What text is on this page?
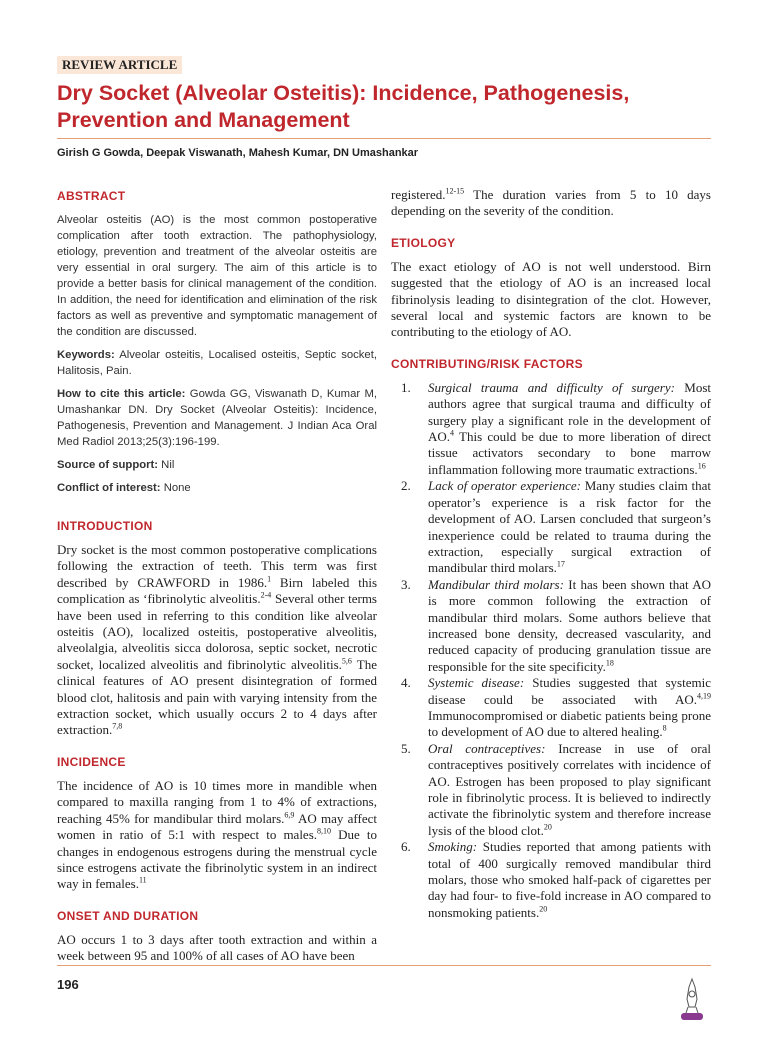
REVIEW ARTICLE
Dry Socket (Alveolar Osteitis): Incidence, Pathogenesis, Prevention and Management
Girish G Gowda, Deepak Viswanath, Mahesh Kumar, DN Umashankar
ABSTRACT

Alveolar osteitis (AO) is the most common postoperative complication after tooth extraction. The pathophysiology, etiology, prevention and treatment of the alveolar osteitis are very essential in oral surgery. The aim of this article is to provide a better basis for clinical management of the condition. In addition, the need for identification and elimination of the risk factors as well as preventive and symptomatic management of the condition are discussed.

Keywords: Alveolar osteitis, Localised osteitis, Septic socket, Halitosis, Pain.

How to cite this article: Gowda GG, Viswanath D, Kumar M, Umashankar DN. Dry Socket (Alveolar Osteitis): Incidence, Pathogenesis, Prevention and Management. J Indian Aca Oral Med Radiol 2013;25(3):196-199.

Source of support: Nil

Conflict of interest: None

INTRODUCTION

Dry socket is the most common postoperative complications following the extraction of teeth. This term was first described by CRAWFORD in 1986.$^1$ Birn labeled this complication as ‘fibrinolytic alveolitis.$^{2-4}$ Several other terms have been used in referring to this condition like alveolar osteitis (AO), localized osteitis, postoperative alveolitis, alveolalgia, alveolitis sicca dolorosa, septic socket, necrotic socket, localized alveolitis and fibrinolytic alveolitis.$^{5,6}$ The clinical features of AO present disintegration of formed blood clot, halitosis and pain with varying intensity from the extraction socket, which usually occurs 2 to 4 days after extraction.$^{7,8}$

INCIDENCE

The incidence of AO is 10 times more in mandible when compared to maxilla ranging from 1 to 4% of extractions, reaching 45% for mandibular third molars.$^{6,9}$ AO may affect women in ratio of 5:1 with respect to males.$^{8,10}$ Due to changes in endogenous estrogens during the menstrual cycle since estrogens activate the fibrinolytic system in an indirect way in females.$^{11}$

ONSET AND DURATION

AO occurs 1 to 3 days after tooth extraction and within a week between 95 and 100% of all cases of AO have been

registered.$^{12-15}$ The duration varies from 5 to 10 days depending on the severity of the condition.

ETIOLOGY

The exact etiology of AO is not well understood. Birn suggested that the etiology of AO is an increased local fibrinolysis leading to disintegration of the clot. However, several local and systemic factors are known to be contributing to the etiology of AO.

CONTRIBUTING/RISK FACTORS
1. Surgical trauma and difficulty of surgery: Most authors agree that surgical trauma and difficulty of surgery play a significant role in the development of AO.$^4$ This could be due to more liberation of direct tissue activators secondary to bone marrow inflammation following more traumatic extractions.$^{16}$
2. Lack of operator experience: Many studies claim that operator’s experience is a risk factor for the development of AO. Larsen concluded that surgeon’s inexperience could be related to trauma during the extraction, especially surgical extraction of mandibular third molars.$^{17}$
3. Mandibular third molars: It has been shown that AO is more common following the extraction of mandibular third molars. Some authors believe that increased bone density, decreased vascularity, and reduced capacity of producing granulation tissue are responsible for the site specificity.$^{18}$
4. Systemic disease: Studies suggested that systemic disease could be associated with AO.$^{4,19}$ Immunocompromised or diabetic patients being prone to development of AO due to altered healing.$^8$
5. Oral contraceptives: Increase in use of oral contraceptives positively correlates with incidence of AO. Estrogen has been proposed to play significant role in fibrinolytic process. It is believed to indirectly activate the fibrinolytic system and therefore increase lysis of the blood clot.$^{20}$
6. Smoking: Studies reported that among patients with total of 400 surgically removed mandibular third molars, those who smoked half-pack of cigarettes per day had four- to five-fold increase in AO compared to nonsmoking patients.$^{20}$
196
